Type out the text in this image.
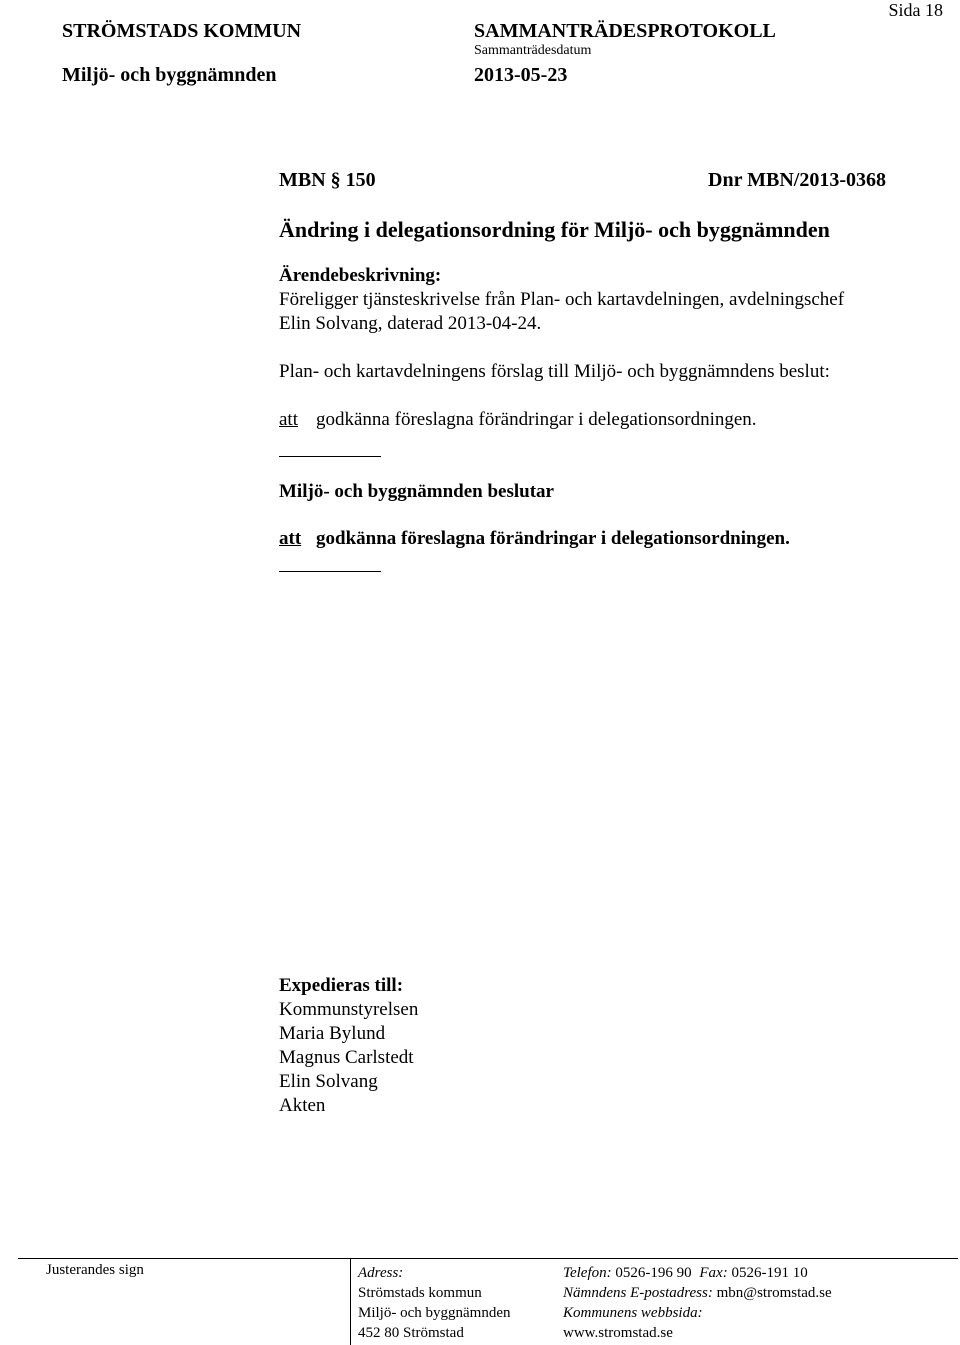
Sida 18
STRÖMSTADS KOMMUN
Miljö- och byggnämnden
SAMMANTRÄDESPROTOKOLL
Sammanträdesdatum
2013-05-23
MBN § 150	Dnr MBN/2013-0368
Ändring i delegationsordning för Miljö- och byggnämnden
Ärendebeskrivning:
Föreligger tjänsteskrivelse från Plan- och kartavdelningen, avdelningschef
Elin Solvang, daterad 2013-04-24.
Plan- och kartavdelningens förslag till Miljö- och byggnämndens beslut:
att godkänna föreslagna förändringar i delegationsordningen.
Miljö- och byggnämnden beslutar
att godkänna föreslagna förändringar i delegationsordningen.
Expedieras till:
Kommunstyrelsen
Maria Bylund
Magnus Carlstedt
Elin Solvang
Akten
Justerandes sign	Adress:
Strömstads kommun
Miljö- och byggnämnden
452 80 Strömstad
Telefon: 0526-196 90 Fax: 0526-191 10
Nämndens E-postadress: mbn@stromstad.se
Kommunens webbsida:
www.stromstad.se
